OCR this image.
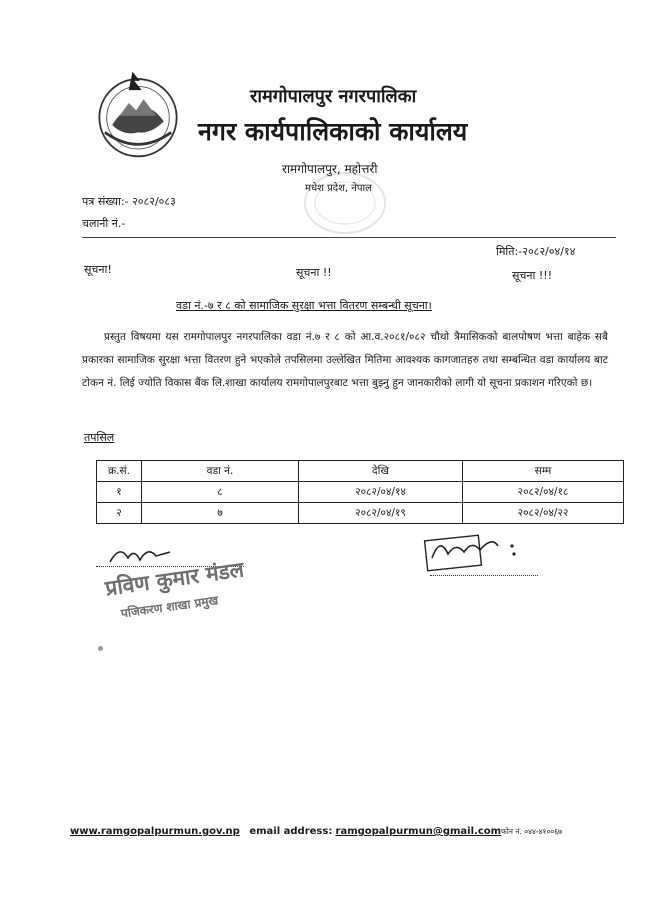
रामगोपालपुर नगरपालिका
नगर कार्यपालिकाको कार्यालय
रामगोपालपुर, महोत्तरी
मधेश प्रदेश, नेपाल
पत्र संख्या:- २०८२/०८३
चलानी नं.-
मिति:-२०८२/०४/१४
सूचना!	सूचना !!	सूचना !!!
वडा नं.-७ र ८ को सामाजिक सुरक्षा भत्ता वितरण सम्बन्धी सूचना।
प्रस्तुत विषयमा यस रामगोपालपुर नगरपालिका वडा नं.७ र ८ को आ.व.२०८१/०८२ चौथो त्रैमासिकको बालपोषण भत्ता बाहेक सबै प्रकारका सामाजिक सुरक्षा भत्ता वितरण हुने भएकोले तपसिलमा उल्लेखित मितिमा आवश्यक कागजातहरु तथा सम्बन्धित वडा कार्यालय बाट टोकन नं. लिई ज्योति विकास बैंक लि.शाखा कार्यालय रामगोपालपुरबाट भत्ता बुझ्नु हुन जानकारीको लागी यो सूचना प्रकाशन गरिएको छ।
तपसिल
क्र.सं.	वडा नं.	देखि	सम्म
१	८	२०८२/०४/१४	२०८२/०४/१८
२	७	२०८२/०४/१९	२०८२/०४/२२
प्रविण कुमार मंडल
पजिकरण शाखा प्रमुख
www.ramgopalpurmun.gov.np email address: ramgopalpurmun@gmail.comफोन नं. ०४४-४१००६७
